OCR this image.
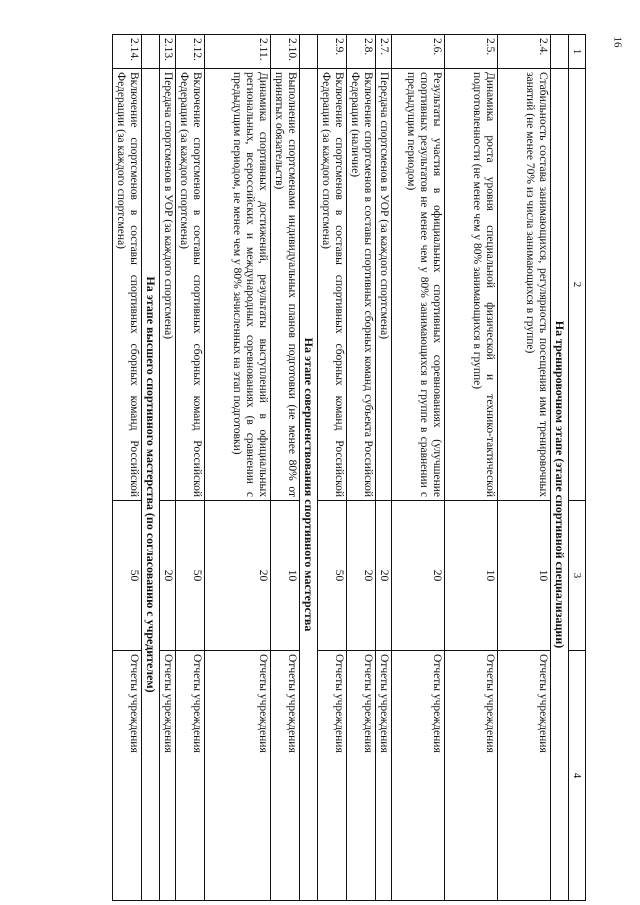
16
1	2	3	4
	На тренировочном этапе (этапе спортивной специализации)		
2.4.	Стабильность состава занимающихся, регулярность посещения ими тренировочных занятий (не менее 70% из числа занимающихся в группе)	10	Отчеты учреждения
2.5.	Динамика роста уровня специальной физической и технико-тактической подготовленности (не менее чем у 80% занимающихся в группе)	10	Отчеты учреждения
2.6.	Результаты участия в официальных спортивных соревнованиях (улучшение спортивных результатов не менее чем у 80% занимающихся в группе в сравнении с предыдущим периодом)	20	Отчеты учреждения
2.7.	Передача спортсменов в УОР (за каждого спортсмена)	20	Отчеты учреждения
2.8.	Включение спортсменов в составы спортивных сборных команд субъекта Российской Федерации (наличие)	20	Отчеты учреждения
2.9.	Включение спортсменов в составы спортивных сборных команд Российской Федерации (за каждого спортсмена)	50	Отчеты учреждения
	На этапе совершенствования спортивного мастерства		
2.10.	Выполнение спортсменами индивидуальных планов подготовки (не менее 80% от принятых обязательств)	10	Отчеты учреждения
2.11.	Динамика спортивных достижений, результаты выступлений в официальных региональных, всероссийских и международных соревнованиях (в сравнении с предыдущим периодом, не менее чем у 80% зачисленных на этап подготовки)	20	Отчеты учреждения
2.12.	Включение спортсменов в составы спортивных сборных команд Российской Федерации (за каждого спортсмена)	50	Отчеты учреждения
2.13.	Передача спортсменов в УОР (за каждого спортсмена)	20	Отчеты учреждения
	На этапе высшего спортивного мастерства (по согласованию с учредителем)		
2.14.	Включение спортсменов в составы спортивных сборных команд Российской Федерации (за каждого спортсмена)	50	Отчеты учреждения
